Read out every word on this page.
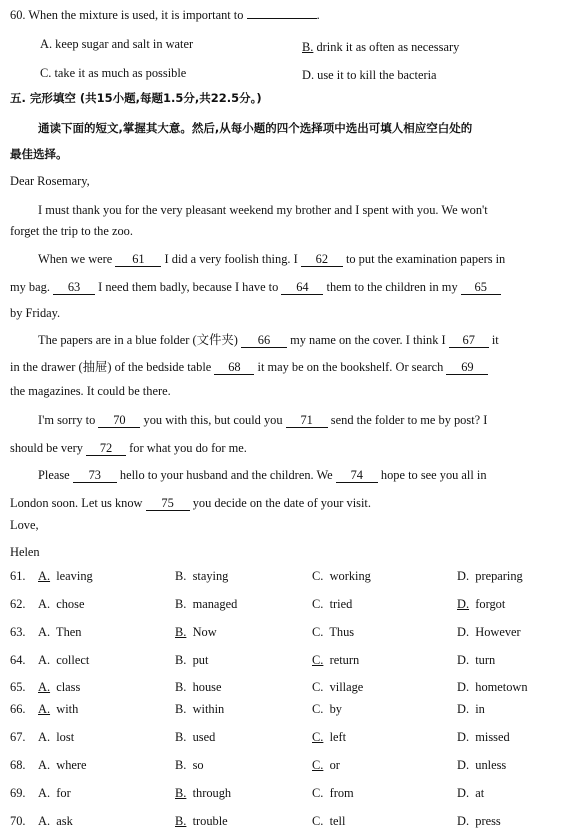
60. When the mixture is used, it is important to	.
A. keep sugar and salt in water	B. drink it as often as necessary
C. take it as much as possible	D. use it to kill the bacteria
五. 完形填空 (共15小题,每题1.5分,共22.5分。)
通读下面的短文,掌握其大意。然后,从每小题的四个选择项中选出可填人相应空白处的
最佳选择。
Dear Rosemary,
I must thank you for the very pleasant weekend my brother and I spent with you. We won't
forget the trip to the zoo.
When we were 61 I did a very foolish thing. I 62 to put the examination papers in
my bag. 63 I need them badly, because I have to 64 them to the children in my 65
by Friday.
The papers are in a blue folder (文件夹) 66 my name on the cover. I think I 67 it
in the drawer (抽屉) of the bedside table 68 it may be on the bookshelf. Or search 69
the magazines. It could be there.
I'm sorry to 70 you with this, but could you 71 send the folder to me by post? I
should be very 72 for what you do for me.
Please 73 hello to your husband and the children. We 74 hope to see you all in
London soon. Let us know 75 you decide on the date of your visit.
Love,
Helen
61. A.  leaving	B.  staying	C.  working	D.  preparing
62. A.  chose	B.  managed	C.  tried	D.  forgot
63. A.  Then	B.  Now	C.  Thus	D.  However
64. A.  collect	B.  put	C.  return	D.  turn
65. A.  class	B.  house	C.  village	D.  hometown
66. A.  with	B.  within	C.  by	D.  in
67. A.  lost	B.  used	C.  left	D.  missed
68. A.  where	B.  so	C.  or	D.  unless
69. A.  for	B.  through	C.  from	D.  at
70. A.  ask	B.  trouble	C.  tell	D.  press
